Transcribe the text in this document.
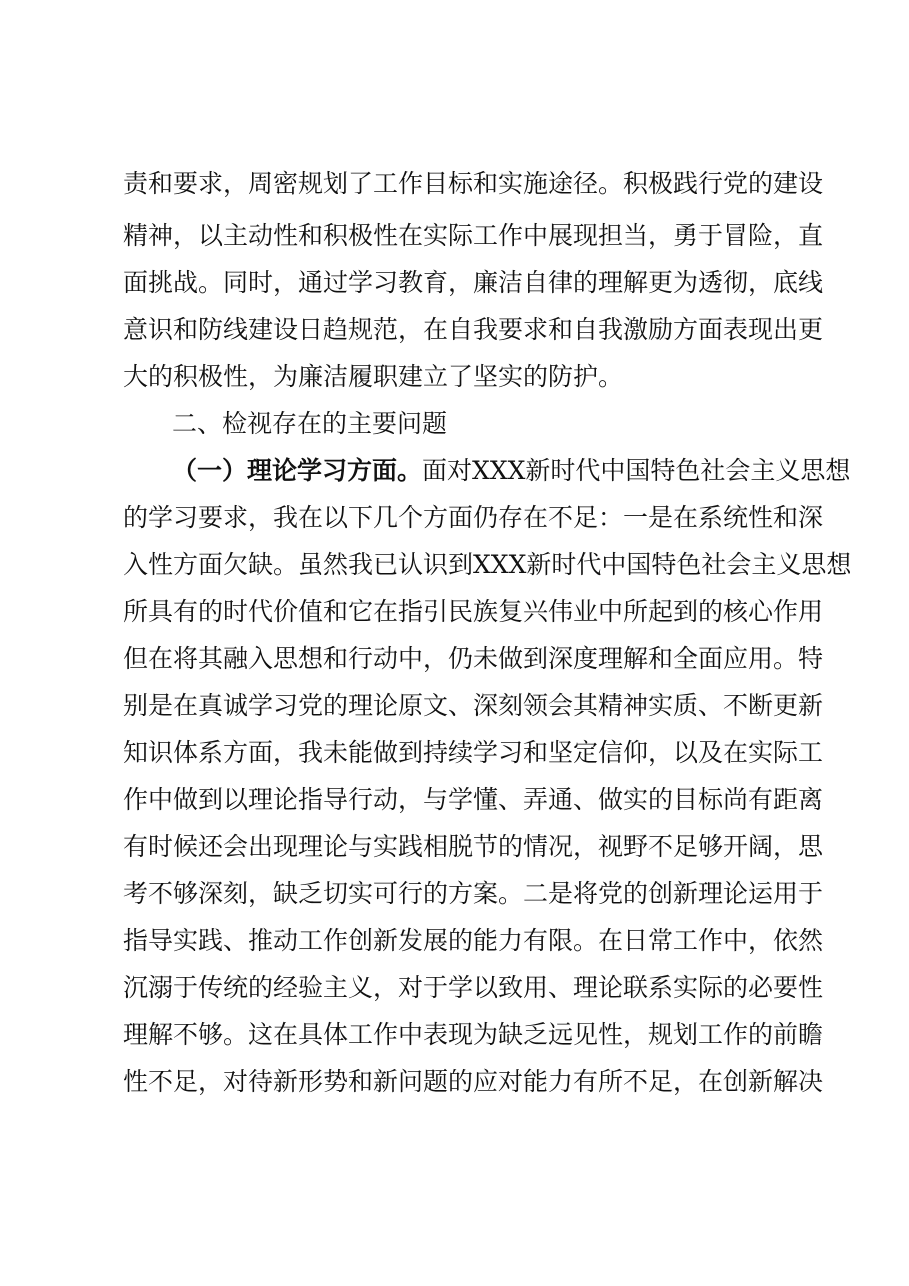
责和要求，周密规划了工作目标和实施途径。积极践行党的建设
精神，以主动性和积极性在实际工作中展现担当，勇于冒险，直
面挑战。同时，通过学习教育，廉洁自律的理解更为透彻，底线
意识和防线建设日趋规范，在自我要求和自我激励方面表现出更
大的积极性，为廉洁履职建立了坚实的防护。
二、检视存在的主要问题
（一）理论学习方面。面对XXX新时代中国特色社会主义思想
的学习要求，我在以下几个方面仍存在不足：一是在系统性和深
入性方面欠缺。虽然我已认识到XXX新时代中国特色社会主义思想
所具有的时代价值和它在指引民族复兴伟业中所起到的核心作用
但在将其融入思想和行动中，仍未做到深度理解和全面应用。特
别是在真诚学习党的理论原文、深刻领会其精神实质、不断更新
知识体系方面，我未能做到持续学习和坚定信仰，以及在实际工
作中做到以理论指导行动，与学懂、弄通、做实的目标尚有距离
有时候还会出现理论与实践相脱节的情况，视野不足够开阔，思
考不够深刻，缺乏切实可行的方案。二是将党的创新理论运用于
指导实践、推动工作创新发展的能力有限。在日常工作中，依然
沉溺于传统的经验主义，对于学以致用、理论联系实际的必要性
理解不够。这在具体工作中表现为缺乏远见性，规划工作的前瞻
性不足，对待新形势和新问题的应对能力有所不足，在创新解决
